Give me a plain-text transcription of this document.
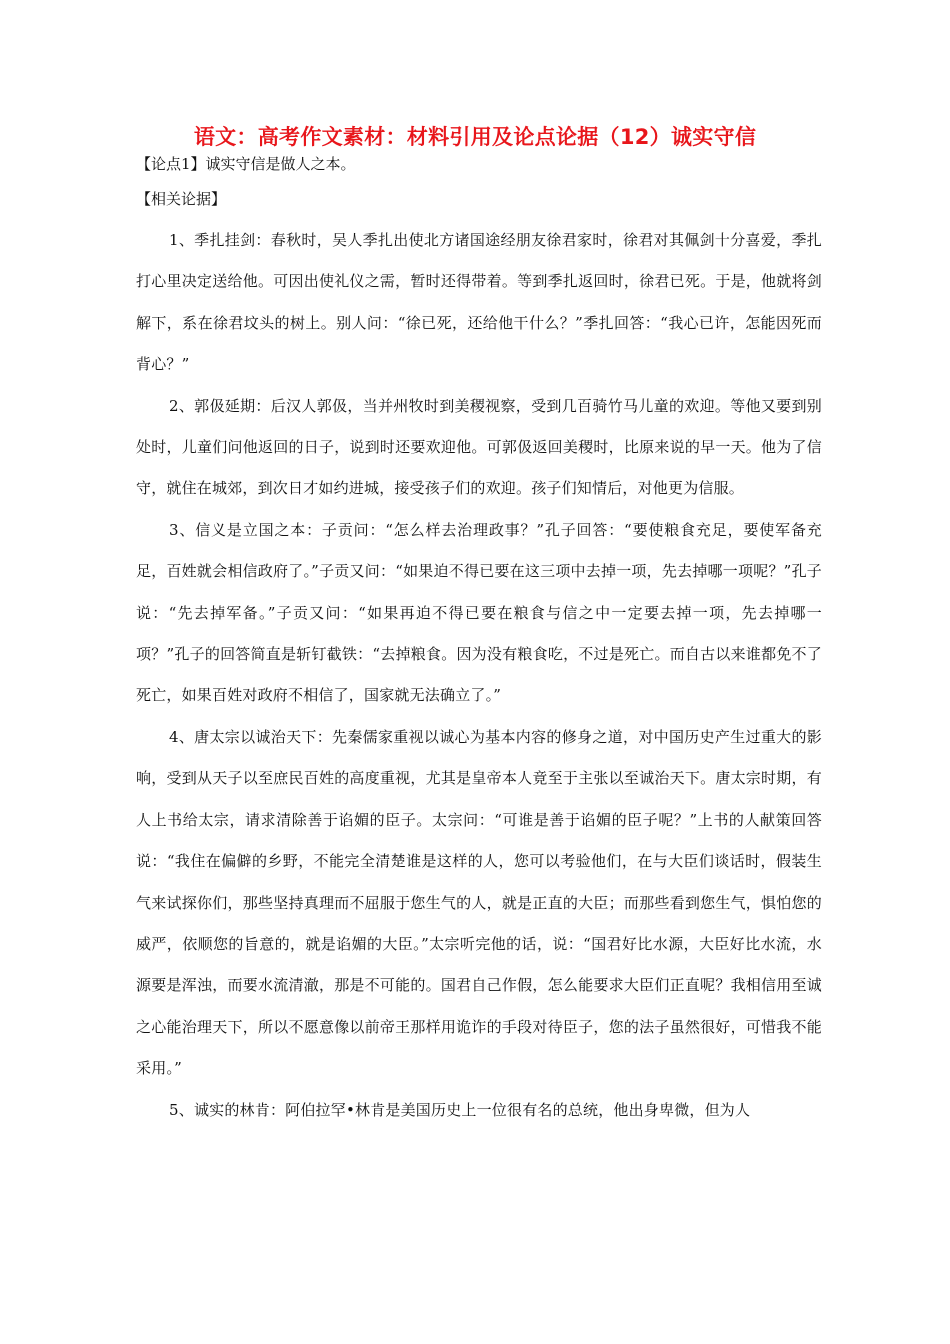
语文：高考作文素材：材料引用及论点论据（12）诚实守信

【论点1】诚实守信是做人之本。

【相关论据】

1、季扎挂剑：春秋时，吴人季扎出使北方诸国途经朋友徐君家时，徐君对其佩剑十分喜爱，季扎打心里决定送给他。可因出使礼仪之需，暂时还得带着。等到季扎返回时，徐君已死。于是，他就将剑解下，系在徐君坟头的树上。别人问：“徐已死，还给他干什么？”季扎回答：“我心已许，怎能因死而背心？”

2、郭伋延期：后汉人郭伋，当并州牧时到美稷视察，受到几百骑竹马儿童的欢迎。等他又要到别处时，儿童们问他返回的日子，说到时还要欢迎他。可郭伋返回美稷时，比原来说的早一天。他为了信守，就住在城郊，到次日才如约进城，接受孩子们的欢迎。孩子们知情后，对他更为信服。

3、信义是立国之本：子贡问：“怎么样去治理政事？”孔子回答：“要使粮食充足，要使军备充足，百姓就会相信政府了。”子贡又问：“如果迫不得已要在这三项中去掉一项，先去掉哪一项呢？”孔子说：“先去掉军备。”子贡又问：“如果再迫不得已要在粮食与信之中一定要去掉一项，先去掉哪一项？”孔子的回答简直是斩钉截铁：“去掉粮食。因为没有粮食吃，不过是死亡。而自古以来谁都免不了死亡，如果百姓对政府不相信了，国家就无法确立了。”

4、唐太宗以诚治天下：先秦儒家重视以诚心为基本内容的修身之道，对中国历史产生过重大的影响，受到从天子以至庶民百姓的高度重视，尤其是皇帝本人竟至于主张以至诚治天下。唐太宗时期，有人上书给太宗，请求清除善于谄媚的臣子。太宗问：“可谁是善于谄媚的臣子呢？”上书的人献策回答说：“我住在偏僻的乡野，不能完全清楚谁是这样的人，您可以考验他们，在与大臣们谈话时，假装生气来试探你们，那些坚持真理而不屈服于您生气的人，就是正直的大臣；而那些看到您生气，惧怕您的威严，依顺您的旨意的，就是谄媚的大臣。”太宗听完他的话，说：“国君好比水源，大臣好比水流，水源要是浑浊，而要水流清澈，那是不可能的。国君自己作假，怎么能要求大臣们正直呢？我相信用至诚之心能治理天下，所以不愿意像以前帝王那样用诡诈的手段对待臣子，您的法子虽然很好，可惜我不能采用。”

5、诚实的林肯：阿伯拉罕•林肯是美国历史上一位很有名的总统，他出身卑微，但为人
